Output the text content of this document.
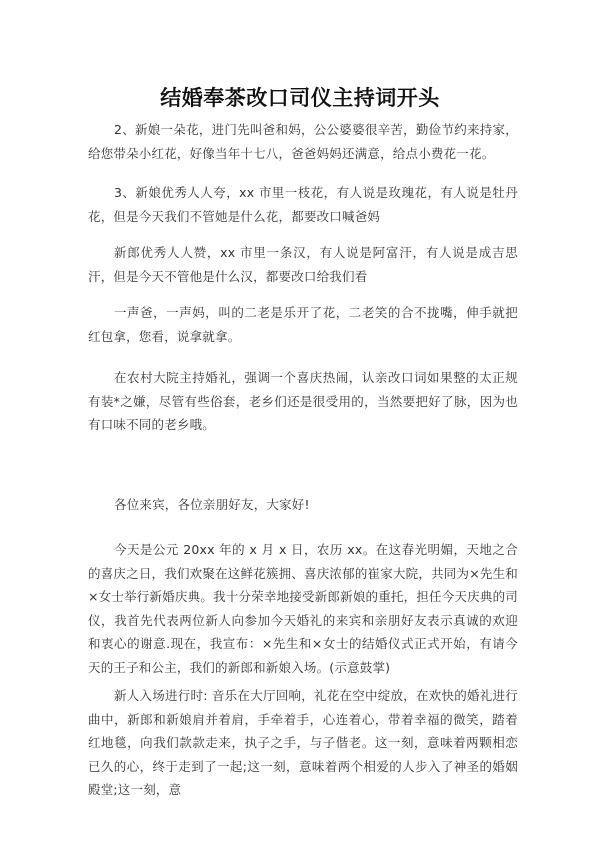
结婚奉茶改口司仪主持词开头
2、新娘一朵花，进门先叫爸和妈，公公婆婆很辛苦，勤俭节约来持家，给您带朵小红花，好像当年十七八，爸爸妈妈还满意，给点小费花一花。
3、新娘优秀人人夸，xx 市里一枝花，有人说是玫瑰花，有人说是牡丹花，但是今天我们不管她是什么花，都要改口喊爸妈
新郎优秀人人赞，xx 市里一条汉，有人说是阿富汗，有人说是成吉思汗，但是今天不管他是什么汉，都要改口给我们看
一声爸，一声妈，叫的二老是乐开了花，二老笑的合不拢嘴，伸手就把红包拿，您看，说拿就拿。
在农村大院主持婚礼，强调一个喜庆热闹，认亲改口词如果整的太正规有装*之嫌，尽管有些俗套，老乡们还是很受用的，当然要把好了脉，因为也有口味不同的老乡哦。
各位来宾，各位亲朋好友，大家好!
今天是公元 20xx 年的 x 月 x 日，农历 xx。在这春光明媚，天地之合的喜庆之日，我们欢聚在这鲜花簇拥、喜庆浓郁的崔家大院，共同为×先生和×女士举行新婚庆典。我十分荣幸地接受新郎新娘的重托，担任今天庆典的司仪，我首先代表两位新人向参加今天婚礼的来宾和亲朋好友表示真诚的欢迎和衷心的谢意.现在，我宣布：×先生和×女士的结婚仪式正式开始，有请今天的王子和公主，我们的新郎和新娘入场。(示意鼓掌)
新人入场进行时: 音乐在大厅回响，礼花在空中绽放，在欢快的婚礼进行曲中，新郎和新娘肩并着肩，手牵着手，心连着心，带着幸福的微笑，踏着红地毯，向我们款款走来，执子之手，与子偕老。这一刻，意味着两颗相恋已久的心，终于走到了一起;这一刻，意味着两个相爱的人步入了神圣的婚姻殿堂;这一刻，意
